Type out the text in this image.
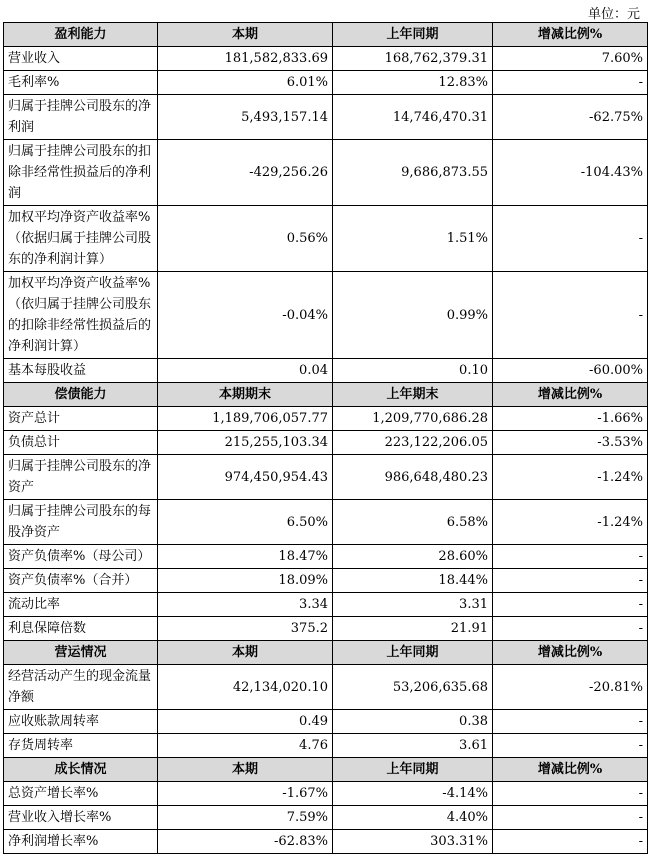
单位：元
盈利能力	本期	上年同期	增减比例%
营业收入	181,582,833.69	168,762,379.31	7.60%
毛利率%	6.01%	12.83%	-
归属于挂牌公司股东的净利润	5,493,157.14	14,746,470.31	-62.75%
归属于挂牌公司股东的扣除非经常性损益后的净利润	-429,256.26	9,686,873.55	-104.43%
加权平均净资产收益率%（依据归属于挂牌公司股东的净利润计算）	0.56%	1.51%	-
加权平均净资产收益率%（依归属于挂牌公司股东的扣除非经常性损益后的净利润计算）	-0.04%	0.99%	-
基本每股收益	0.04	0.10	-60.00%
偿债能力	本期期末	上年期末	增减比例%
资产总计	1,189,706,057.77	1,209,770,686.28	-1.66%
负债总计	215,255,103.34	223,122,206.05	-3.53%
归属于挂牌公司股东的净资产	974,450,954.43	986,648,480.23	-1.24%
归属于挂牌公司股东的每股净资产	6.50%	6.58%	-1.24%
资产负债率%（母公司）	18.47%	28.60%	-
资产负债率%（合并）	18.09%	18.44%	-
流动比率	3.34	3.31	-
利息保障倍数	375.2	21.91	-
营运情况	本期	上年同期	增减比例%
经营活动产生的现金流量净额	42,134,020.10	53,206,635.68	-20.81%
应收账款周转率	0.49	0.38	-
存货周转率	4.76	3.61	-
成长情况	本期	上年同期	增减比例%
总资产增长率%	-1.67%	-4.14%	-
营业收入增长率%	7.59%	4.40%	-
净利润增长率%	-62.83%	303.31%	-
